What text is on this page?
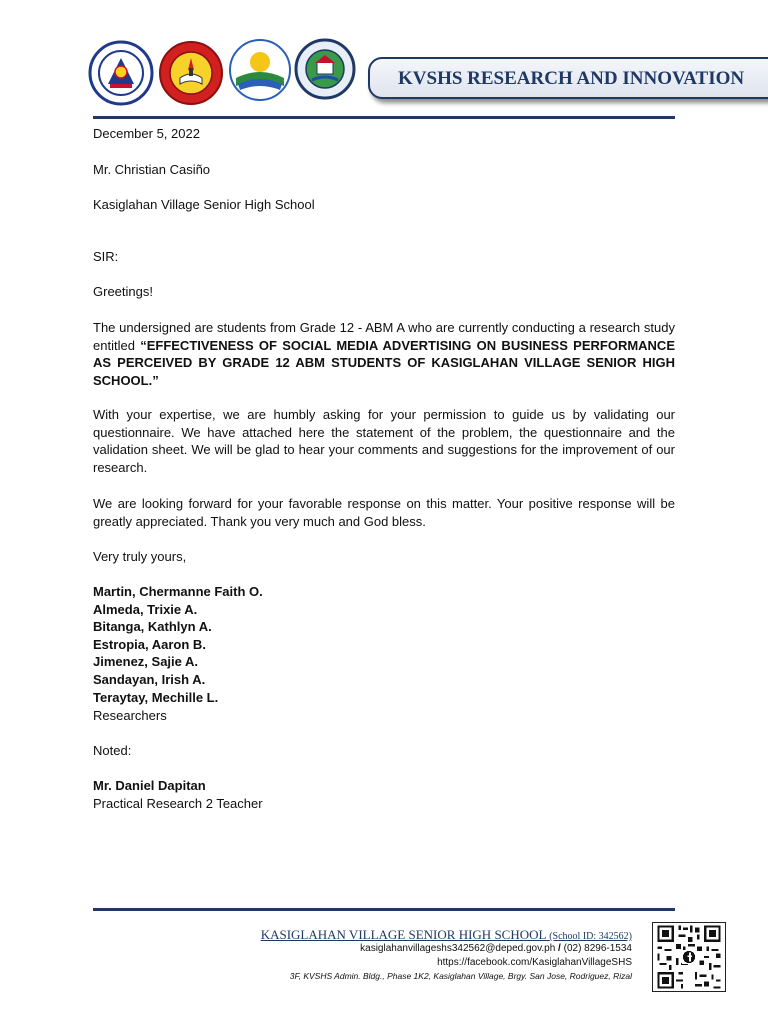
KVSHS RESEARCH AND INNOVATION
December 5, 2022
Mr. Christian Casiño
Kasiglahan Village Senior High School
SIR:
Greetings!
The undersigned are students from Grade 12 - ABM A who are currently conducting a research study entitled “EFFECTIVENESS OF SOCIAL MEDIA ADVERTISING ON BUSINESS PERFORMANCE AS PERCEIVED BY GRADE 12 ABM STUDENTS OF KASIGLAHAN VILLAGE SENIOR HIGH SCHOOL.”
With your expertise, we are humbly asking for your permission to guide us by validating our questionnaire. We have attached here the statement of the problem, the questionnaire and the validation sheet. We will be glad to hear your comments and suggestions for the improvement of our research.
We are looking forward for your favorable response on this matter. Your positive response will be greatly appreciated. Thank you very much and God bless.
Very truly yours,
Martin, Chermanne Faith O.
Almeda, Trixie A.
Bitanga, Kathlyn A.
Estropia, Aaron B.
Jimenez, Sajie A.
Sandayan, Irish A.
Teraytay, Mechille L.
Researchers
Noted:
Mr. Daniel Dapitan
Practical Research 2 Teacher
KASIGLAHAN VILLAGE SENIOR HIGH SCHOOL (School ID: 342562)
kasiglahanvillageshs342562@deped.gov.ph / (02) 8296-1534
https://facebook.com/KasiglahanVillageSHS
3F, KVSHS Admin. Bldg., Phase 1K2, Kasiglahan Village, Brgy. San Jose, Rodriguez, Rizal
